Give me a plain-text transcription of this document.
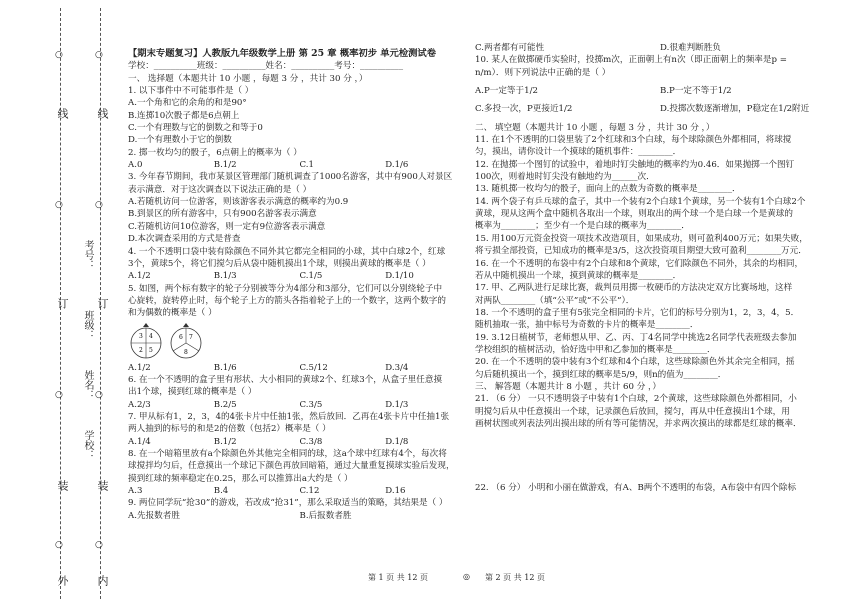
线
订
装
外
线
订
装
内
○
○
○
○
○
○
○
○
考号：
班级：
姓名：
学校：

【期末专题复习】人教版九年级数学上册 第 25 章 概率初步 单元检测试卷

学校：__________班级：__________姓名：__________考号：__________

一、 选择题（本题共计 10 小题 ，每题 3 分 ，共计 30 分 ，）

1. 以下事件中不可能事件是（ ）

A.一个角和它的余角的和是90°

B.连掷10次骰子都是6点朝上

C.一个有理数与它的倒数之和等于0

D.一个有理数小于它的倒数

2. 掷一枚均匀的骰子，6点朝上的概率为（ ）

A.0	B.1/2	C.1	D.1/6

3. 今年春节期间，我市某景区管理部门随机调查了1000名游客，其中有900人对景区

表示满意．对于这次调查以下说法正确的是（ ）

A.若随机访问一位游客，则该游客表示满意的概率约为0.9

B.到景区的所有游客中，只有900名游客表示满意

C.若随机访问10位游客，则一定有9位游客表示满意

D.本次调查采用的方式是普查

4. 一个不透明口袋中装有除颜色不同外其它都完全相同的小球，其中白球2个，红球

3个，黄球5个，将它们搅匀后从袋中随机摸出1个球，则摸出黄球的概率是（ ）

A.1/2	B.1/3	C.1/5	D.1/10

5. 如图，两个标有数字的轮子分别被等分为4部分和3部分，它们可以分别绕轮子中

心旋转，旋转停止时，每个轮子上方的箭头各指着轮子上的一个数字，这两个数字的

和为偶数的概率是（ ）

3 4
5
2
6 7
8
A.1/2	B.1/6	C.5/12	D.3/4

6. 在一个不透明的盒子里有形状、大小相同的黄球2个、红球3个，从盒子里任意摸

出1个球，摸到红球的概率是（ ）

A.2/3	B.2/5	C.3/5	D.1/3

7. 甲从标有1，2，3，4的4张卡片中任抽1张，然后放回．乙再在4张卡片中任抽1张

两人抽到的标号的和是2的倍数（包括2）概率是（ ）

A.1/4	B.1/2	C.3/8	D.1/8

8. 在一个暗箱里放有a个除颜色外其他完全相同的球，这a个球中红球有4个，每次将

球搅拌均匀后，任意摸出一个球记下颜色再放回暗箱，通过大量重复摸球实验后发现，

摸到红球的频率稳定在0.25，那么可以推算出a大约是（ ）

A.3	B.4	C.12	D.16

9. 两位同学玩“抢30”的游戏，若改成“抢31”，那么采取适当的策略，其结果是（ ）

A.先报数者胜	B.后报数者胜
C.两者都有可能性	D.很难判断胜负

10. 某人在做掷硬币实验时，投掷m次，正面朝上有n次（即正面朝上的频率是p =

n/m）．则下列说法中正确的是（ ）

A.P一定等于1/2	B.P一定不等于1/2
C.多投一次，P更接近1/2	D.投掷次数逐渐增加，P稳定在1/2附近

二、 填空题（本题共计 10 小题 ，每题 3 分 ，共计 30 分 ，）

11. 在1个不透明的口袋里装了2个红球和3个白球，每个球除颜色外都相同，将球搅

匀，摸出，请你设计一个摸球的随机事件：________．

12. 在抛掷一个图钉的试验中，着地时钉尖触地的概率约为0.46．如果抛掷一个图钉

100次，则着地时钉尖没有触地约为______次．

13. 随机掷一枚均匀的骰子，面向上的点数为奇数的概率是________．

14. 两个袋子有乒乓球的盒子，其中一个装有2个白球1个黄球，另一个装有1个白球2个

黄球，现从这两个盒中随机各取出一个球，则取出的两个球一个是白球一个是黄球的

概率为________；至少有一个是白球的概率为________．

15. 用100万元资金投资一项技术改造项目，如果成功，则可盈利400万元；如果失败，

将亏损全部投资，已知成功的概率是3/5，这次投资项目期望大致可盈利________万元．

16. 在一个不透明的布袋中有2个白球和8个黄球，它们除颜色不同外，其余的均相同，

若从中随机摸出一个球，摸到黄球的概率是________．

17. 甲、乙两队进行足球比赛，裁判员用掷一枚硬币的方法决定双方比赛场地，这样

对两队________（填“公平”或“不公平”）．

18. 一个不透明的盒子里有5张完全相同的卡片，它们的标号分别为1，2，3，4，5．

随机抽取一张，抽中标号为奇数的卡片的概率是________．

19. 3.12日植树节，老师想从甲、乙、丙、丁4名同学中挑选2名同学代表班级去参加

学校组织的植树活动，恰好选中甲和乙参加的概率是________．

20. 在一个不透明的袋中装有3个红球和4个白球，这些球除颜色外其余完全相同，摇

匀后随机摸出一个，摸到红球的概率是5/9，则n的值为________．

三、 解答题（本题共计 8 小题 ，共计 60 分 ，）

21. （6 分） 一只不透明袋子中装有1个白球，2个黄球，这些球除颜色外都相同，小

明搅匀后从中任意摸出一个球，记录颜色后放回，搅匀，再从中任意摸出1个球，用

画树状图或列表法列出摸出球的所有等可能情况，并求两次摸出的球都是红球的概率．

22. （6 分） 小明和小丽在做游戏，有A、B两个不透明的布袋，A布袋中有四个除标

第 1 页 共 12 页	◎ 第 2 页 共 12 页
